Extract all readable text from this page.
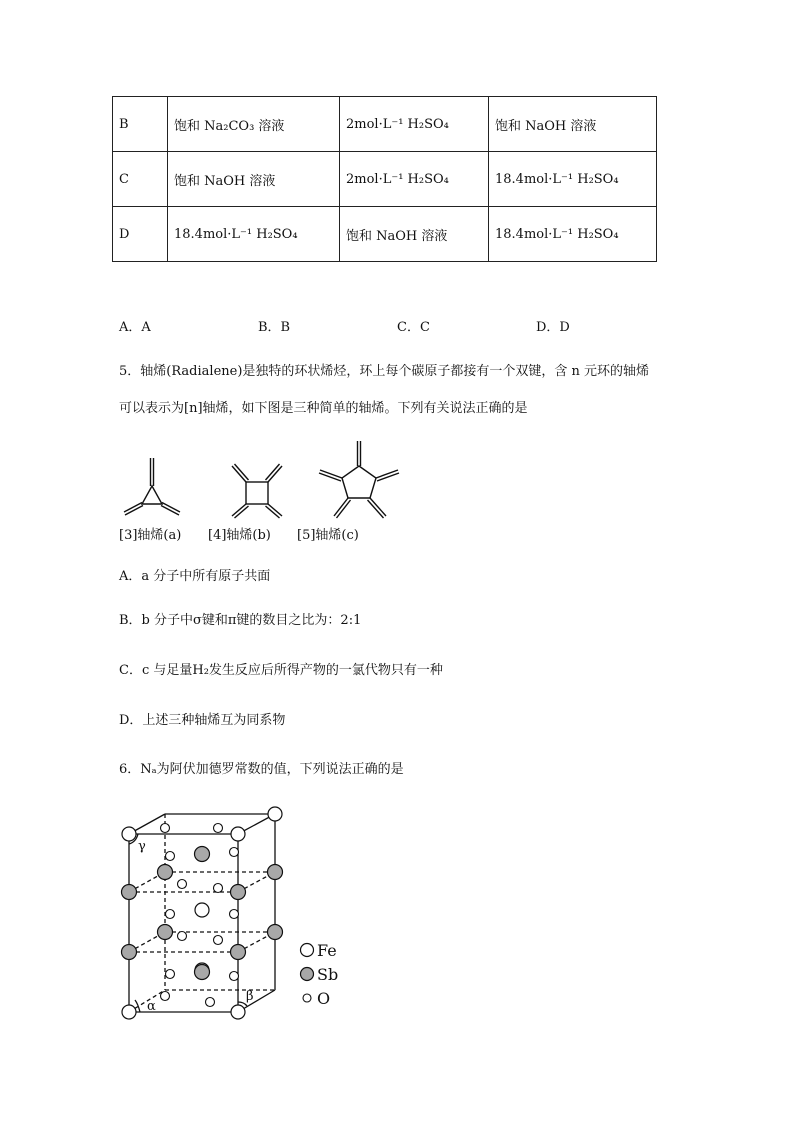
B	饱和 Na₂CO₃ 溶液	2mol·L⁻¹ H₂SO₄	饱和 NaOH 溶液
C	饱和 NaOH 溶液	2mol·L⁻¹ H₂SO₄	18.4mol·L⁻¹ H₂SO₄
D	18.4mol·L⁻¹ H₂SO₄	饱和 NaOH 溶液	18.4mol·L⁻¹ H₂SO₄
A．A	B．B	C．C	D．D
5．轴烯(Radialene)是独特的环状烯烃，环上每个碳原子都接有一个双键，含 n 元环的轴烯
可以表示为[n]轴烯，如下图是三种简单的轴烯。下列有关说法正确的是
[3]轴烯(a) [4]轴烯(b) [5]轴烯(c)
A．a 分子中所有原子共面
B．b 分子中σ键和π键的数目之比为：2:1
C．c 与足量H₂发生反应后所得产物的一氯代物只有一种
D．上述三种轴烯互为同系物
6．Nₐ为阿伏加德罗常数的值，下列说法正确的是
γ
α
β
Fe
Sb
O
